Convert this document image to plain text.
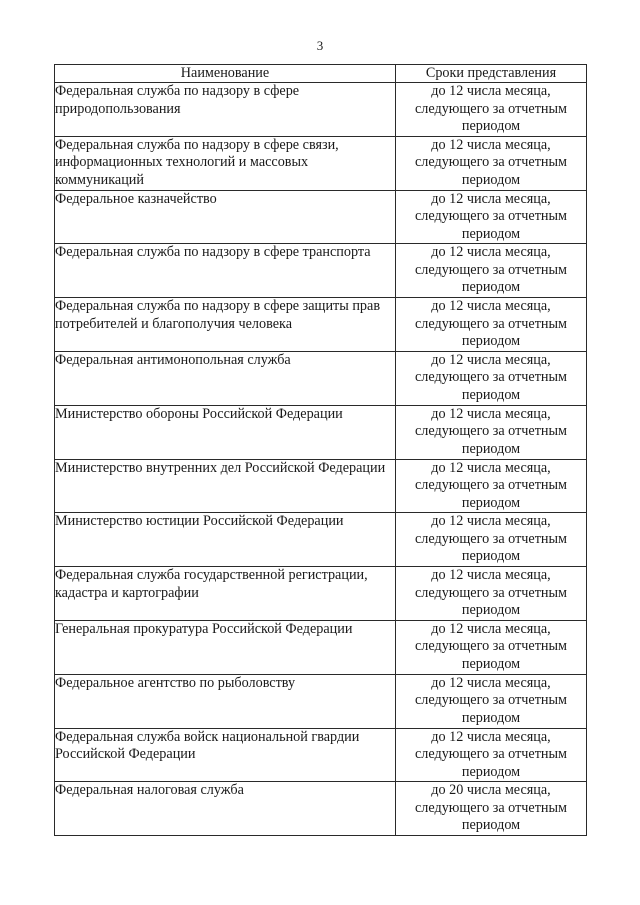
3
Наименование	Сроки представления
Федеральная служба по надзору в сфере природопользования	до 12 числа месяца,
следующего за отчетным
периодом

Федеральная служба по надзору в сфере связи, информационных технологий и массовых коммуникаций	до 12 числа месяца,
следующего за отчетным
периодом

Федеральное казначейство	до 12 числа месяца,
следующего за отчетным
периодом

Федеральная служба по надзору в сфере транспорта	до 12 числа месяца,
следующего за отчетным
периодом

Федеральная служба по надзору в сфере защиты прав потребителей и благополучия человека	до 12 числа месяца,
следующего за отчетным
периодом

Федеральная антимонопольная служба	до 12 числа месяца,
следующего за отчетным
периодом

Министерство обороны Российской Федерации	до 12 числа месяца,
следующего за отчетным
периодом

Министерство внутренних дел Российской Федерации	до 12 числа месяца,
следующего за отчетным
периодом

Министерство юстиции Российской Федерации	до 12 числа месяца,
следующего за отчетным
периодом

Федеральная служба государственной регистрации, кадастра и картографии	до 12 числа месяца,
следующего за отчетным
периодом

Генеральная прокуратура Российской Федерации	до 12 числа месяца,
следующего за отчетным
периодом

Федеральное агентство по рыболовству	до 12 числа месяца,
следующего за отчетным
периодом

Федеральная служба войск национальной гвардии Российской Федерации	до 12 числа месяца,
следующего за отчетным
периодом

Федеральная налоговая служба	до 20 числа месяца,
следующего за отчетным
периодом
